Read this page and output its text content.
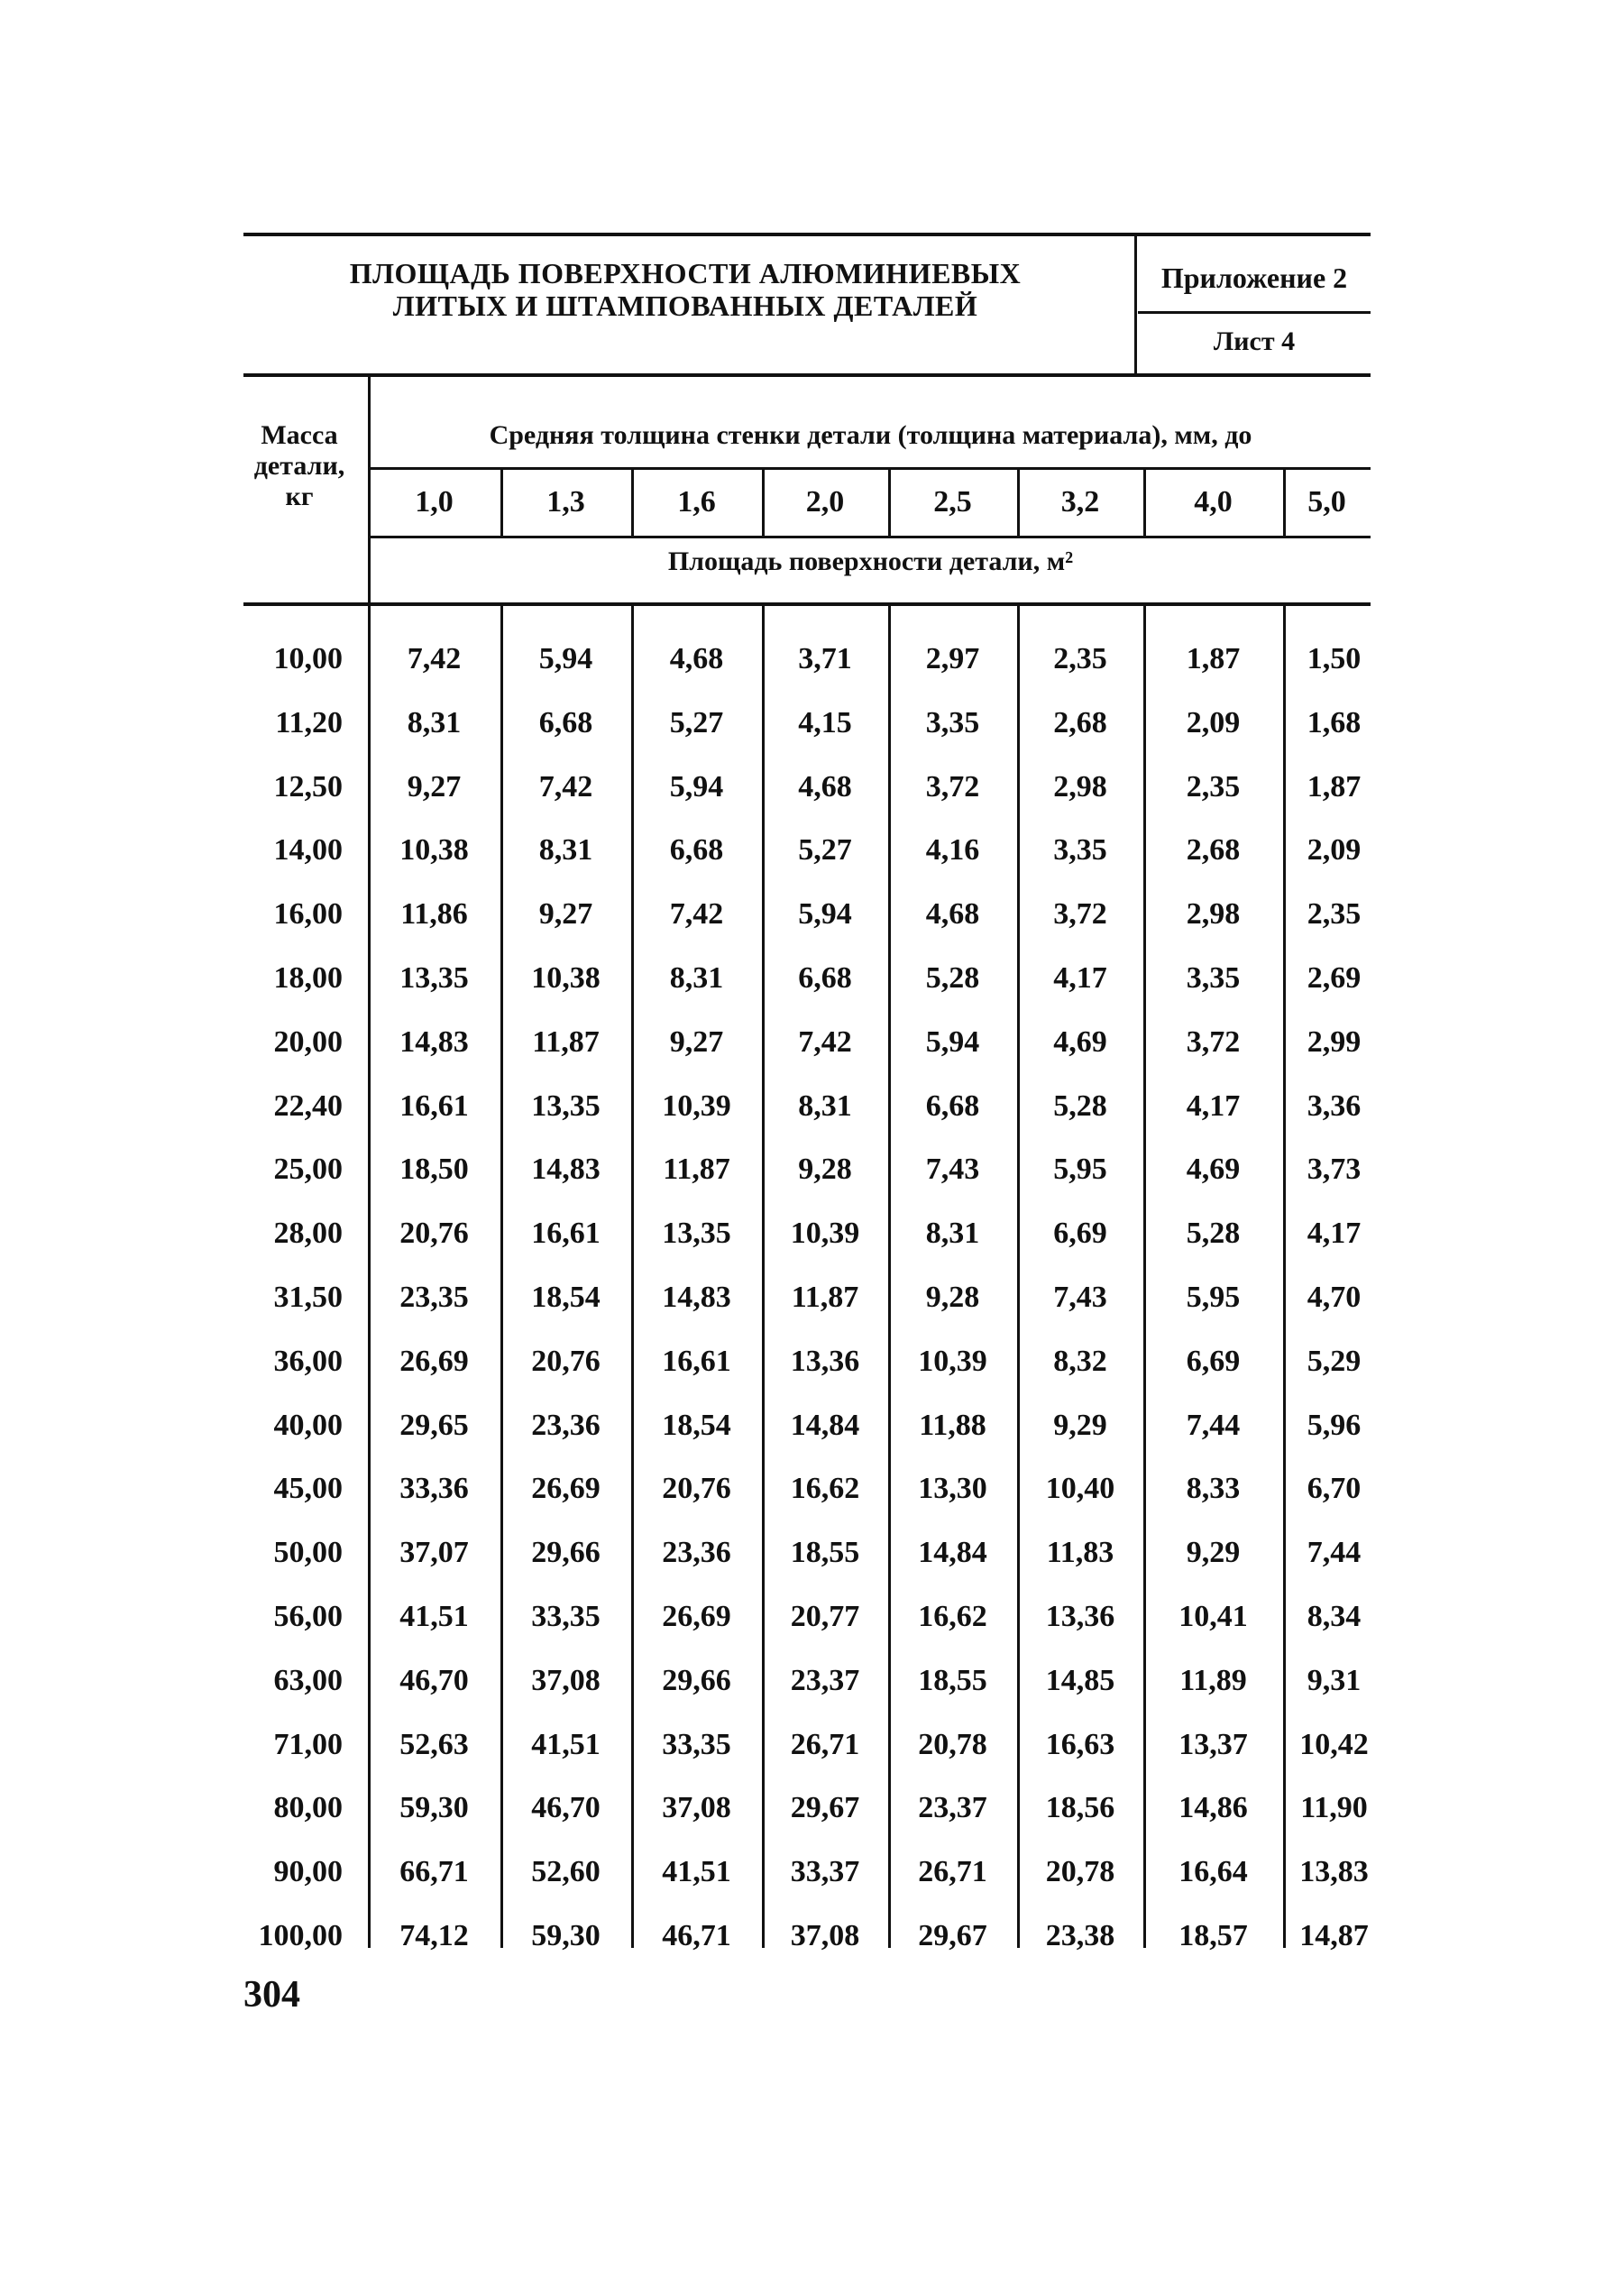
ПЛОЩАДЬ ПОВЕРХНОСТИ АЛЮМИНИЕВЫХ
ЛИТЫХ И ШТАМПОВАННЫХ ДЕТАЛЕЙ
Приложение 2
Лист 4
Масса
детали,
кг
Средняя толщина стенки детали (толщина материала), мм, до
1,0	1,3	1,6	2,0	2,5	3,2	4,0	5,0
Площадь поверхности детали, м²
10,00	7,42	5,94	4,68	3,71	2,97	2,35	1,87	1,50
11,20	8,31	6,68	5,27	4,15	3,35	2,68	2,09	1,68
12,50	9,27	7,42	5,94	4,68	3,72	2,98	2,35	1,87
14,00	10,38	8,31	6,68	5,27	4,16	3,35	2,68	2,09
16,00	11,86	9,27	7,42	5,94	4,68	3,72	2,98	2,35
18,00	13,35	10,38	8,31	6,68	5,28	4,17	3,35	2,69
20,00	14,83	11,87	9,27	7,42	5,94	4,69	3,72	2,99
22,40	16,61	13,35	10,39	8,31	6,68	5,28	4,17	3,36
25,00	18,50	14,83	11,87	9,28	7,43	5,95	4,69	3,73
28,00	20,76	16,61	13,35	10,39	8,31	6,69	5,28	4,17
31,50	23,35	18,54	14,83	11,87	9,28	7,43	5,95	4,70
36,00	26,69	20,76	16,61	13,36	10,39	8,32	6,69	5,29
40,00	29,65	23,36	18,54	14,84	11,88	9,29	7,44	5,96
45,00	33,36	26,69	20,76	16,62	13,30	10,40	8,33	6,70
50,00	37,07	29,66	23,36	18,55	14,84	11,83	9,29	7,44
56,00	41,51	33,35	26,69	20,77	16,62	13,36	10,41	8,34
63,00	46,70	37,08	29,66	23,37	18,55	14,85	11,89	9,31
71,00	52,63	41,51	33,35	26,71	20,78	16,63	13,37	10,42
80,00	59,30	46,70	37,08	29,67	23,37	18,56	14,86	11,90
90,00	66,71	52,60	41,51	33,37	26,71	20,78	16,64	13,83
100,00	74,12	59,30	46,71	37,08	29,67	23,38	18,57	14,87
304
